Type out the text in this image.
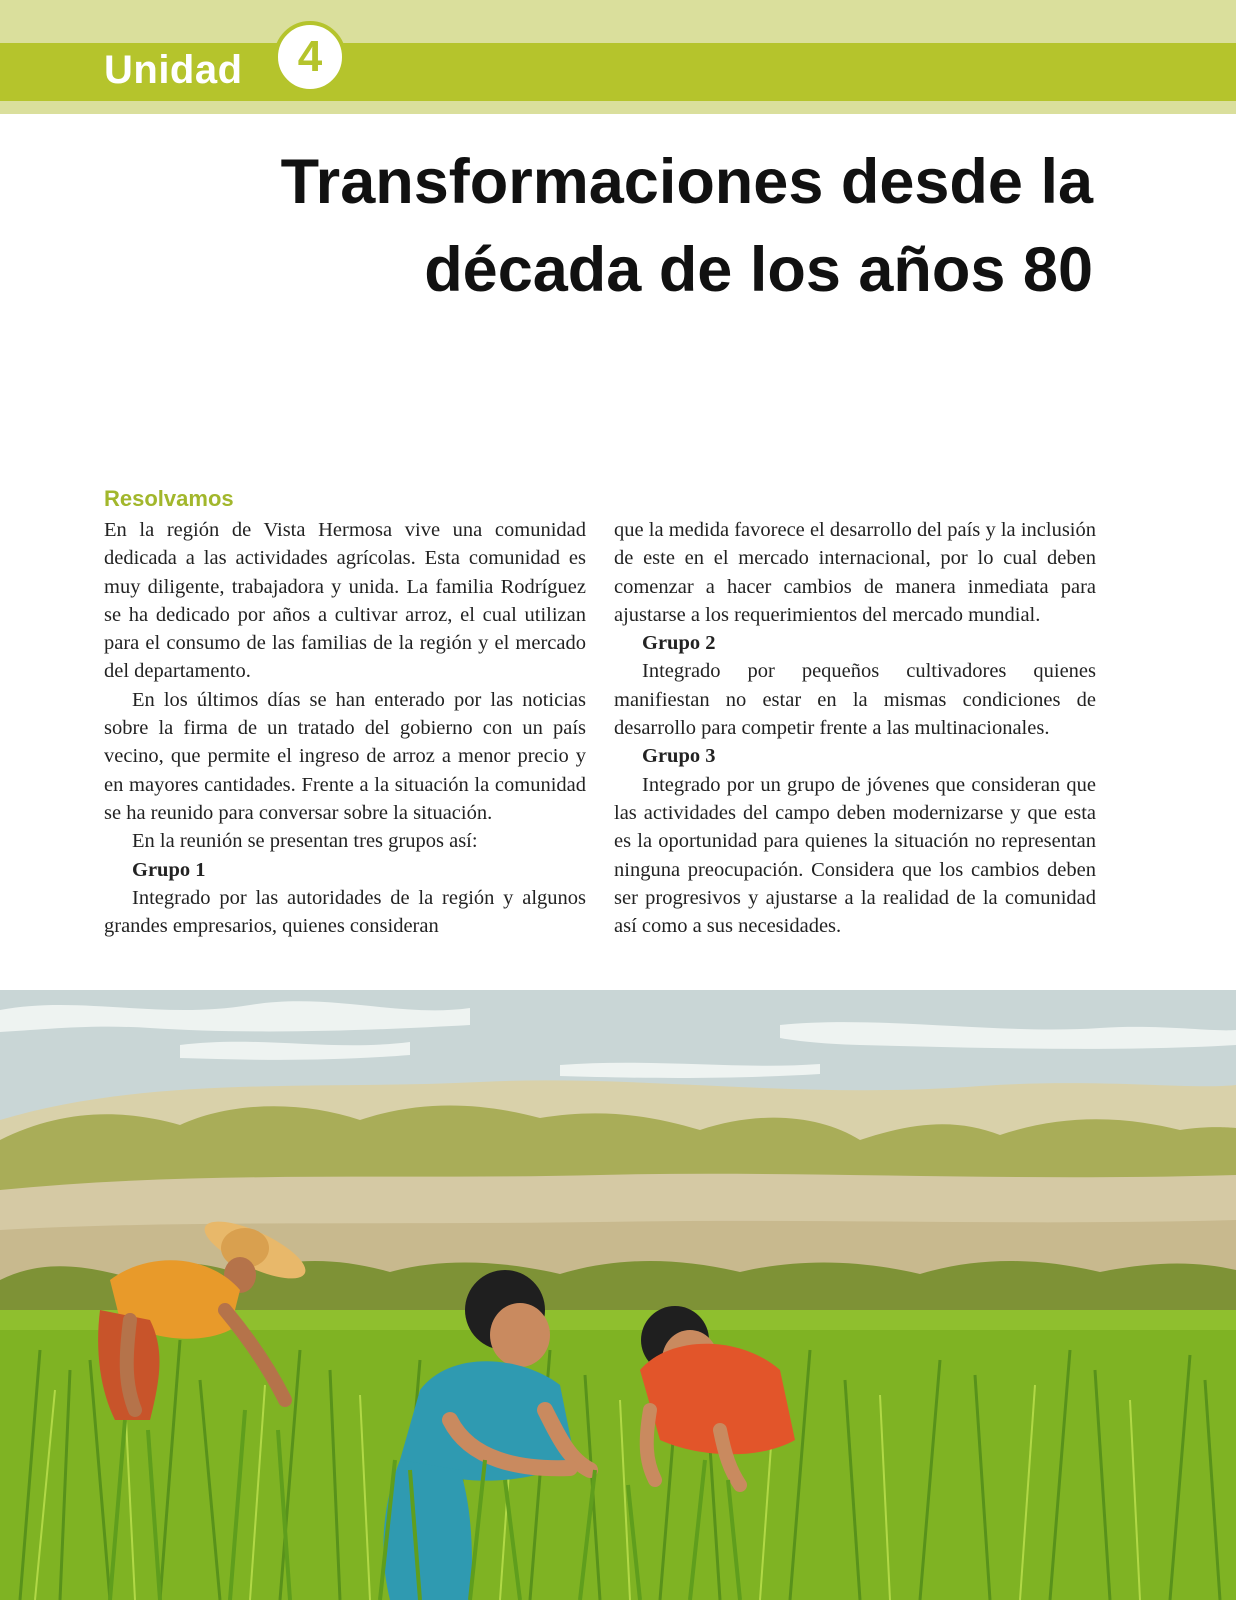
Unidad	4
Transformaciones desde la
década de los años 80
Resolvamos

En la región de Vista Hermosa vive una comunidad dedicada a las actividades agrícolas. Esta comunidad es muy diligente, trabajadora y unida. La familia Rodríguez se ha dedicado por años a cultivar arroz, el cual utilizan para el consumo de las familias de la región y el mercado del departamento.

En los últimos días se han enterado por las noticias sobre la firma de un tratado del gobierno con un país vecino, que permite el ingreso de arroz a menor precio y en mayores cantidades. Frente a la situación la comunidad se ha reunido para conversar sobre la situación.

En la reunión se presentan tres grupos así:

Grupo 1

Integrado por las autoridades de la región y algunos grandes empresarios, quienes consideran

que la medida favorece el desarrollo del país y la inclusión de este en el mercado internacional, por lo cual deben comenzar a hacer cambios de manera inmediata para ajustarse a los requerimientos del mercado mundial.

Grupo 2

Integrado por pequeños cultivadores quienes manifiestan no estar en la mismas condiciones de desarrollo para competir frente a las multinacionales.

Grupo 3

Integrado por un grupo de jóvenes que consideran que las actividades del campo deben modernizarse y que esta es la oportunidad para quienes la situación no representan ninguna preocupación. Considera que los cambios deben ser progresivos y ajustarse a la realidad de la comunidad así como a sus necesidades.
